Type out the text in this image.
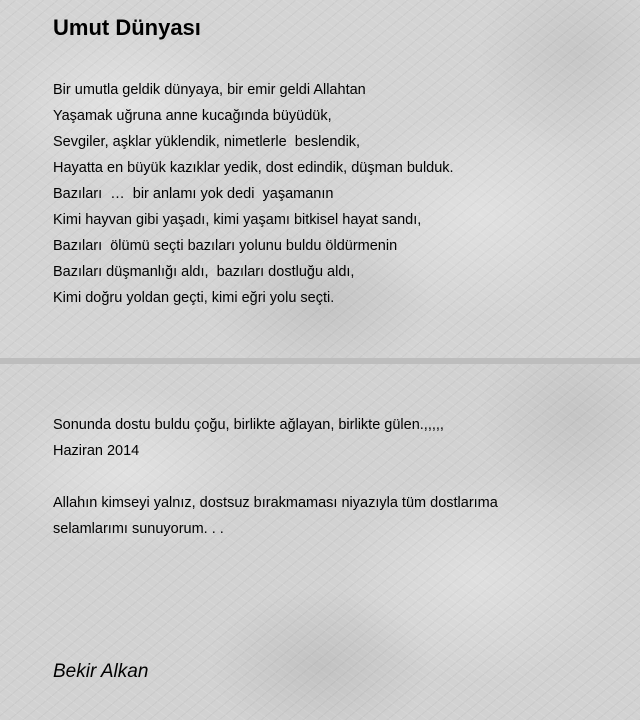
Umut Dünyası
Bir umutla geldik dünyaya, bir emir geldi Allahtan
Yaşamak uğruna anne kucağında büyüdük,
Sevgiler, aşklar yüklendik, nimetlerle  beslendik,
Hayatta en büyük kazıklar yedik, dost edindik, düşman bulduk.
Bazıları  …  bir anlamı yok dedi  yaşamanın
Kimi hayvan gibi yaşadı, kimi yaşamı bitkisel hayat sandı,
Bazıları  ölümü seçti bazıları yolunu buldu öldürmenin
Bazıları düşmanlığı aldı,  bazıları dostluğu aldı,
Kimi doğru yoldan geçti, kimi eğri yolu seçti.
Sonunda dostu buldu çoğu, birlikte ağlayan, birlikte gülen.,,,,,
Haziran 2014
Allahın kimseyi yalnız, dostsuz bırakmaması niyazıyla tüm dostlarıma
selamlarımı sunuyorum. . .

Bekir Alkan
